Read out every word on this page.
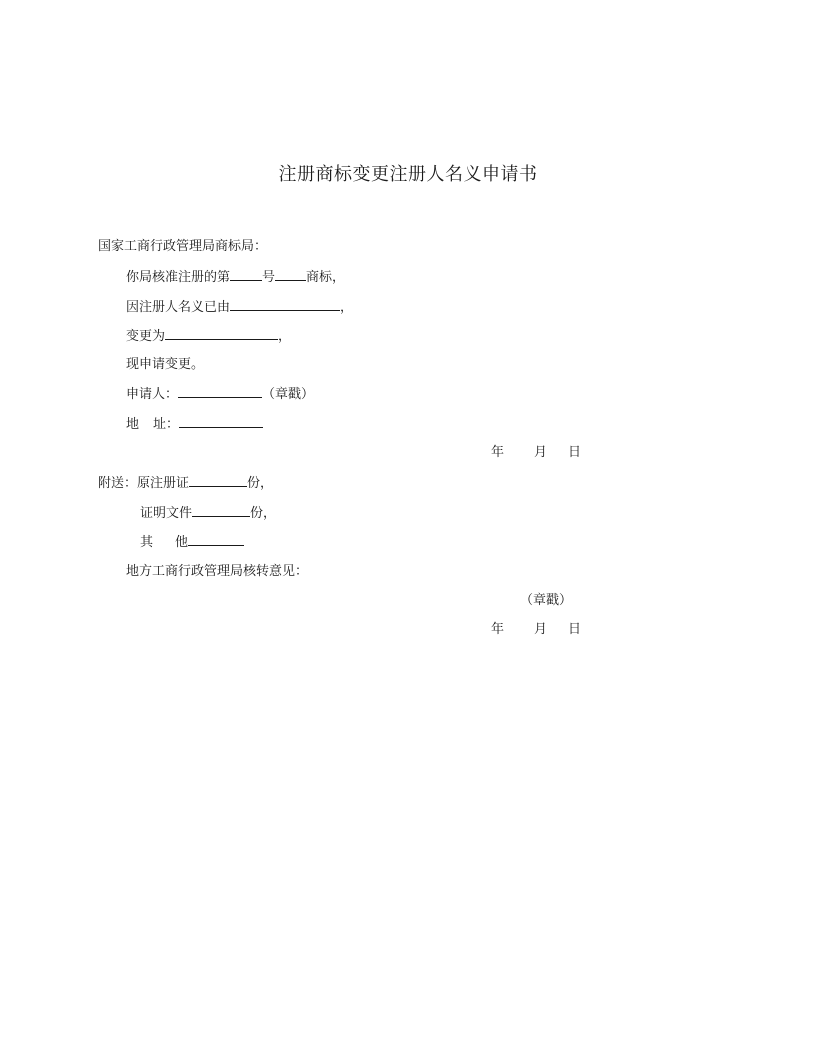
注册商标变更注册人名义申请书
国家工商行政管理局商标局：
你局核准注册的第 号 商标，
因注册人名义已由	，
变更为	，
现申请变更。
申请人：	（章戳）
地 址：
年 月 日
附送：原注册证	份，
证明文件	份，
其 他
地方工商行政管理局核转意见：
（章戳）
年 月 日
